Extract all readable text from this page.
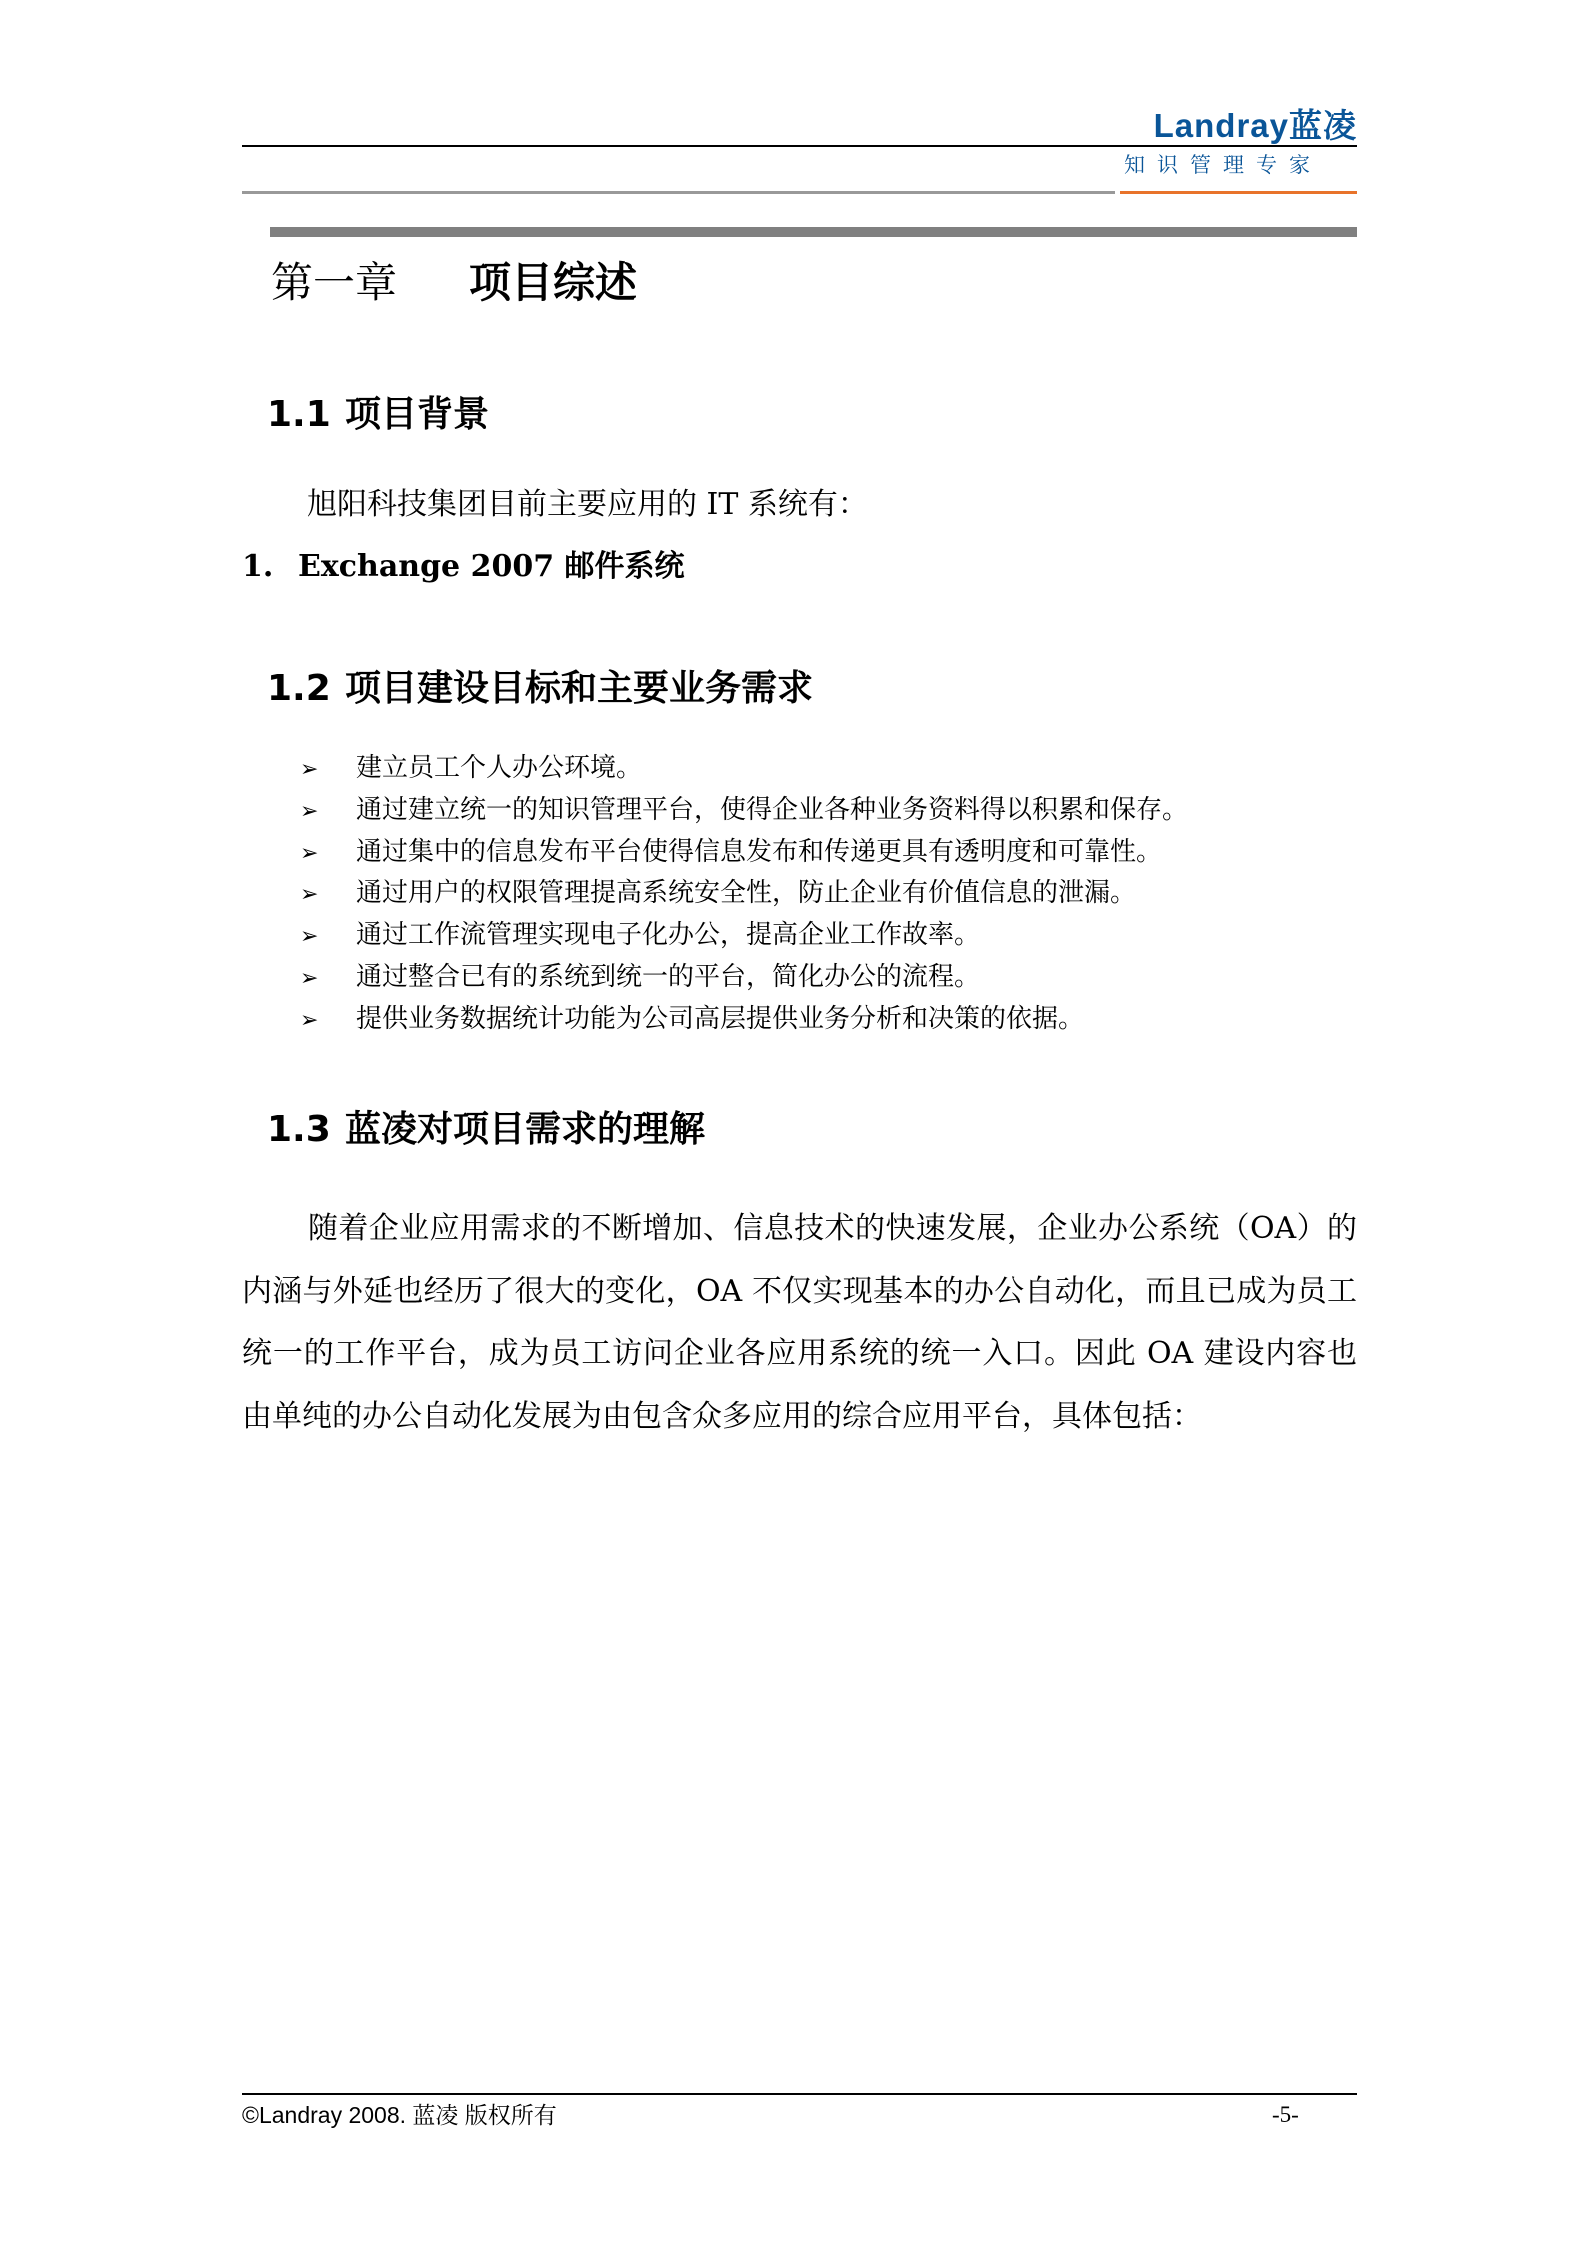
Landray蓝凌
知识管理专家
第一章 项目综述
1.1 项目背景
旭阳科技集团目前主要应用的 IT 系统有：
1. Exchange 2007 邮件系统
1.2 项目建设目标和主要业务需求
➢ 建立员工个人办公环境。
➢ 通过建立统一的知识管理平台，使得企业各种业务资料得以积累和保存。
➢ 通过集中的信息发布平台使得信息发布和传递更具有透明度和可靠性。
➢ 通过用户的权限管理提高系统安全性，防止企业有价值信息的泄漏。
➢ 通过工作流管理实现电子化办公，提高企业工作故率。
➢ 通过整合已有的系统到统一的平台，简化办公的流程。
➢ 提供业务数据统计功能为公司高层提供业务分析和决策的依据。
1.3 蓝凌对项目需求的理解
随着企业应用需求的不断增加、信息技术的快速发展，企业办公系统（OA）的内涵与外延也经历了很大的变化，OA 不仅实现基本的办公自动化，而且已成为员工统一的工作平台，成为员工访问企业各应用系统的统一入口。因此 OA 建设内容也由单纯的办公自动化发展为由包含众多应用的综合应用平台，具体包括：
©Landray 2008. 蓝凌 版权所有	-5-
